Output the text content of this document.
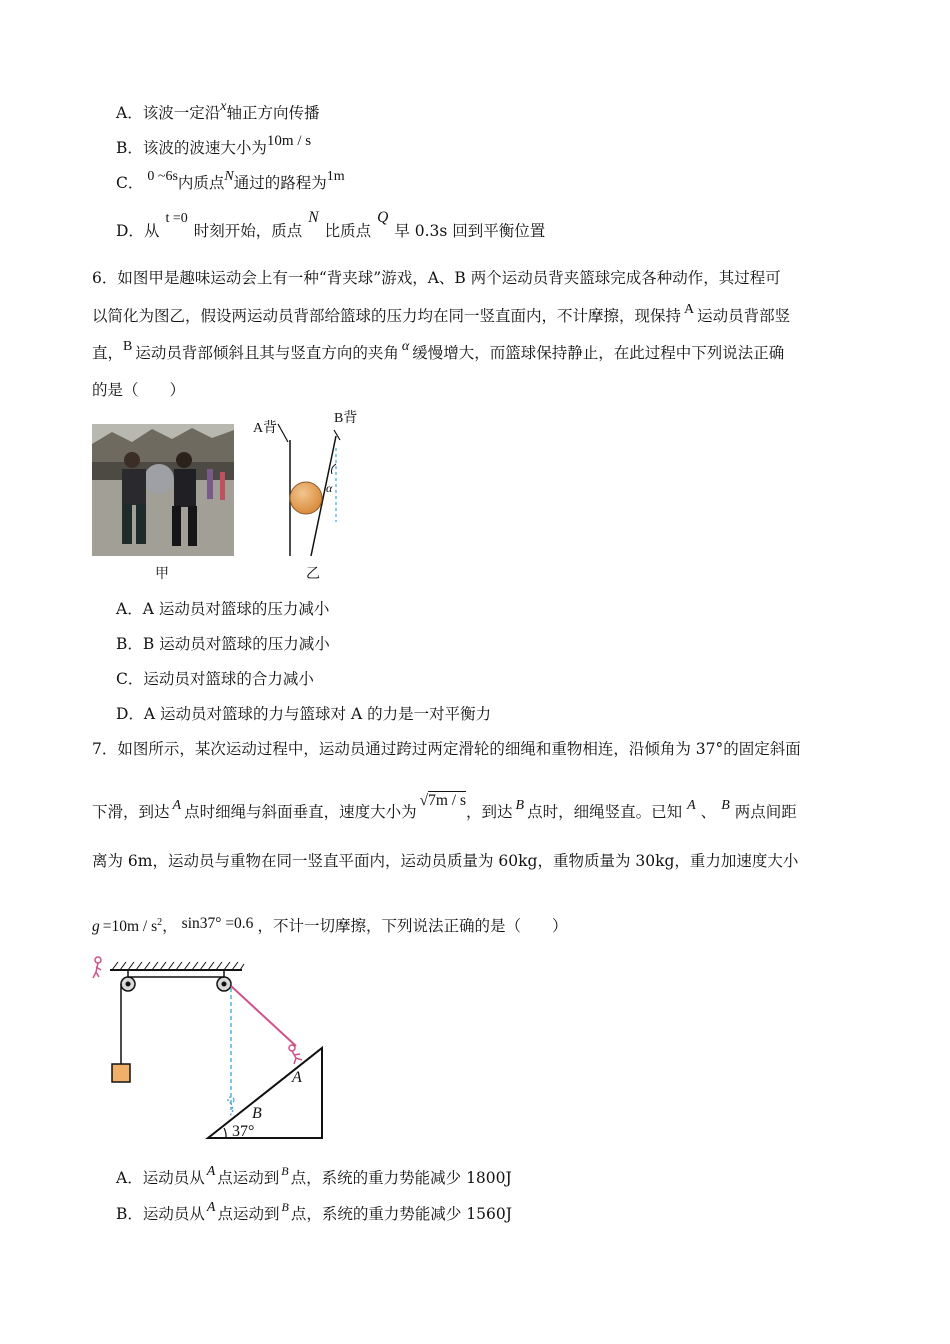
A．该波一定沿x轴正方向传播
B．该波的波速大小为10m / s
C． 0 ~6s内质点N通过的路程为1m
D．从t =0时刻开始，质点N比质点Q早 0.3s 回到平衡位置
6．如图甲是趣味运动会上有一种“背夹球”游戏，A、B 两个运动员背夹篮球完成各种动作，其过程可
以简化为图乙，假设两运动员背部给篮球的压力均在同一竖直面内，不计摩擦，现保持 A 运动员背部竖
直，B 运动员背部倾斜且其与竖直方向的夹角 α 缓慢增大，而篮球保持静止，在此过程中下列说法正确
的是（　　）
甲
A背
B背
α
乙
A．A 运动员对篮球的压力减小
B．B 运动员对篮球的压力减小
C．运动员对篮球的合力减小
D．A 运动员对篮球的力与篮球对 A 的力是一对平衡力
7．如图所示，某次运动过程中，运动员通过跨过两定滑轮的细绳和重物相连，沿倾角为 37°的固定斜面
下滑，到达 A 点时细绳与斜面垂直，速度大小为√7m / s，到达 B 点时，细绳竖直。已知 A 、 B 两点间距
离为 6m，运动员与重物在同一竖直平面内，运动员质量为 60kg，重物质量为 30kg，重力加速度大小
$g =10m / s^2$， sin37° =0.6 ，不计一切摩擦，下列说法正确的是（　　）
A
B
37°
A．运动员从 A 点运动到 $^B$ 点，系统的重力势能减少 1800J
B．运动员从 A 点运动到 $^B$ 点，系统的重力势能减少 1560J
